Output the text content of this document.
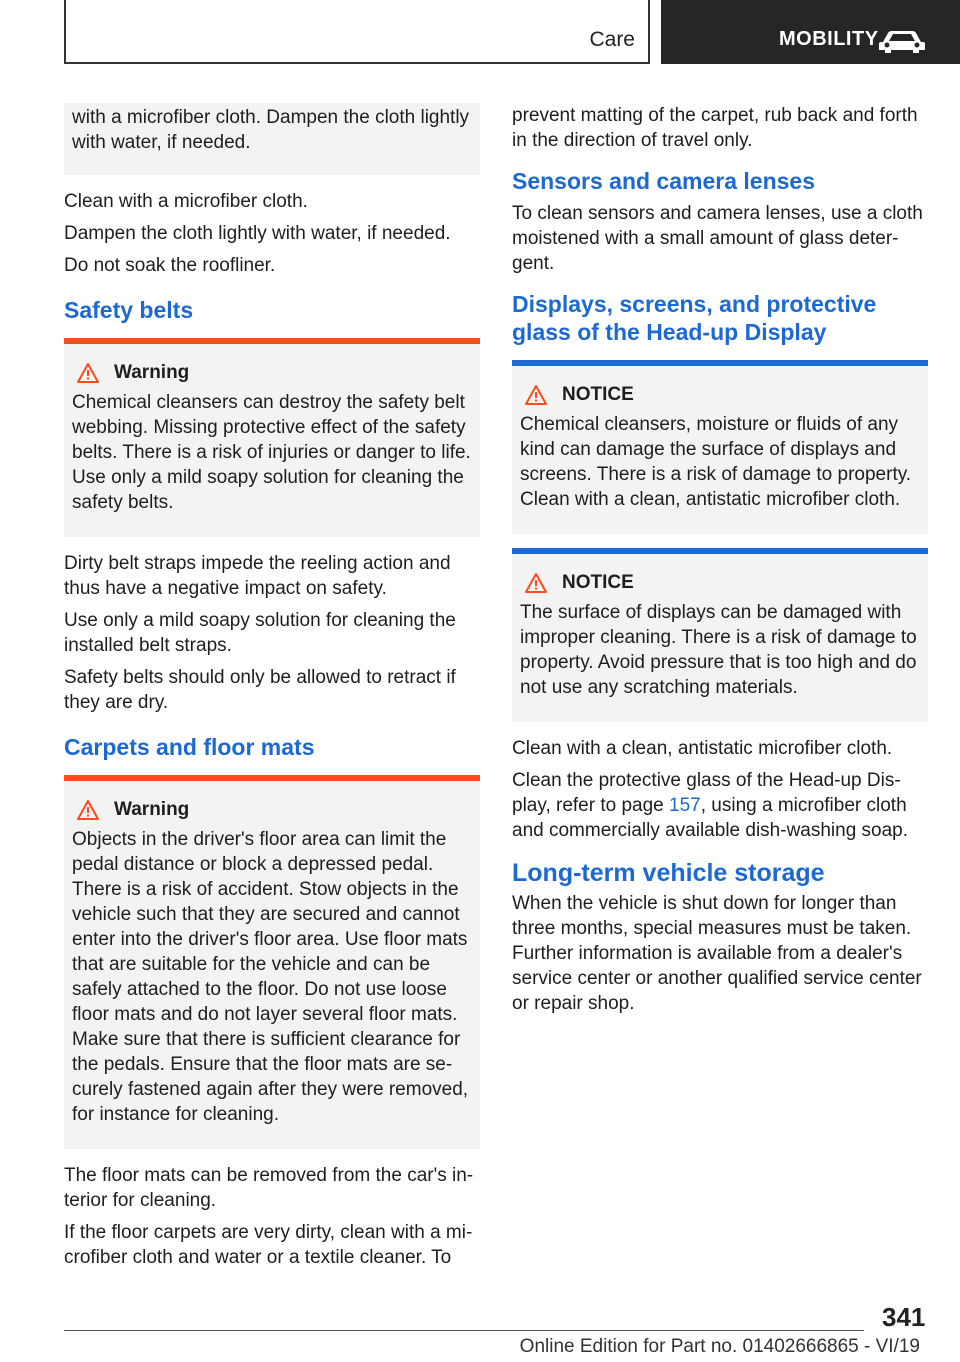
Care	MOBILITY

with a microfiber cloth. Dampen the cloth lightly with water, if needed.

Clean with a microfiber cloth.

Dampen the cloth lightly with water, if needed.

Do not soak the roofliner.

Safety belts
Warning

Chemical cleansers can destroy the safety belt webbing. Missing protective effect of the safety belts. There is a risk of injuries or danger to life. Use only a mild soapy solution for cleaning the safety belts.

Dirty belt straps impede the reeling action and thus have a negative impact on safety.

Use only a mild soapy solution for cleaning the installed belt straps.

Safety belts should only be allowed to retract if they are dry.

Carpets and floor mats
Warning

Objects in the driver's floor area can limit the pedal distance or block a depressed pedal. There is a risk of accident. Stow objects in the vehicle such that they are secured and cannot enter into the driver's floor area. Use floor mats that are suitable for the vehicle and can be safely attached to the floor. Do not use loose floor mats and do not layer several floor mats. Make sure that there is sufficient clearance for the pedals. Ensure that the floor mats are se‐ curely fastened again after they were removed, for instance for cleaning.

The floor mats can be removed from the car's in‐ terior for cleaning.

If the floor carpets are very dirty, clean with a mi‐ crofiber cloth and water or a textile cleaner. To

prevent matting of the carpet, rub back and forth in the direction of travel only.

Sensors and camera lenses

To clean sensors and camera lenses, use a cloth moistened with a small amount of glass deter‐ gent.

Displays, screens, and protective glass of the Head-up Display
NOTICE

Chemical cleansers, moisture or fluids of any kind can damage the surface of displays and screens. There is a risk of damage to property. Clean with a clean, antistatic microfiber cloth.

NOTICE

The surface of displays can be damaged with improper cleaning. There is a risk of damage to property. Avoid pressure that is too high and do not use any scratching materials.

Clean with a clean, antistatic microfiber cloth.

Clean the protective glass of the Head-up Dis‐ play, refer to page 157, using a microfiber cloth and commercially available dish-washing soap.

Long-term vehicle storage

When the vehicle is shut down for longer than three months, special measures must be taken. Further information is available from a dealer's service center or another qualified service center or repair shop.

341
Online Edition for Part no. 01402666865 - VI/19
